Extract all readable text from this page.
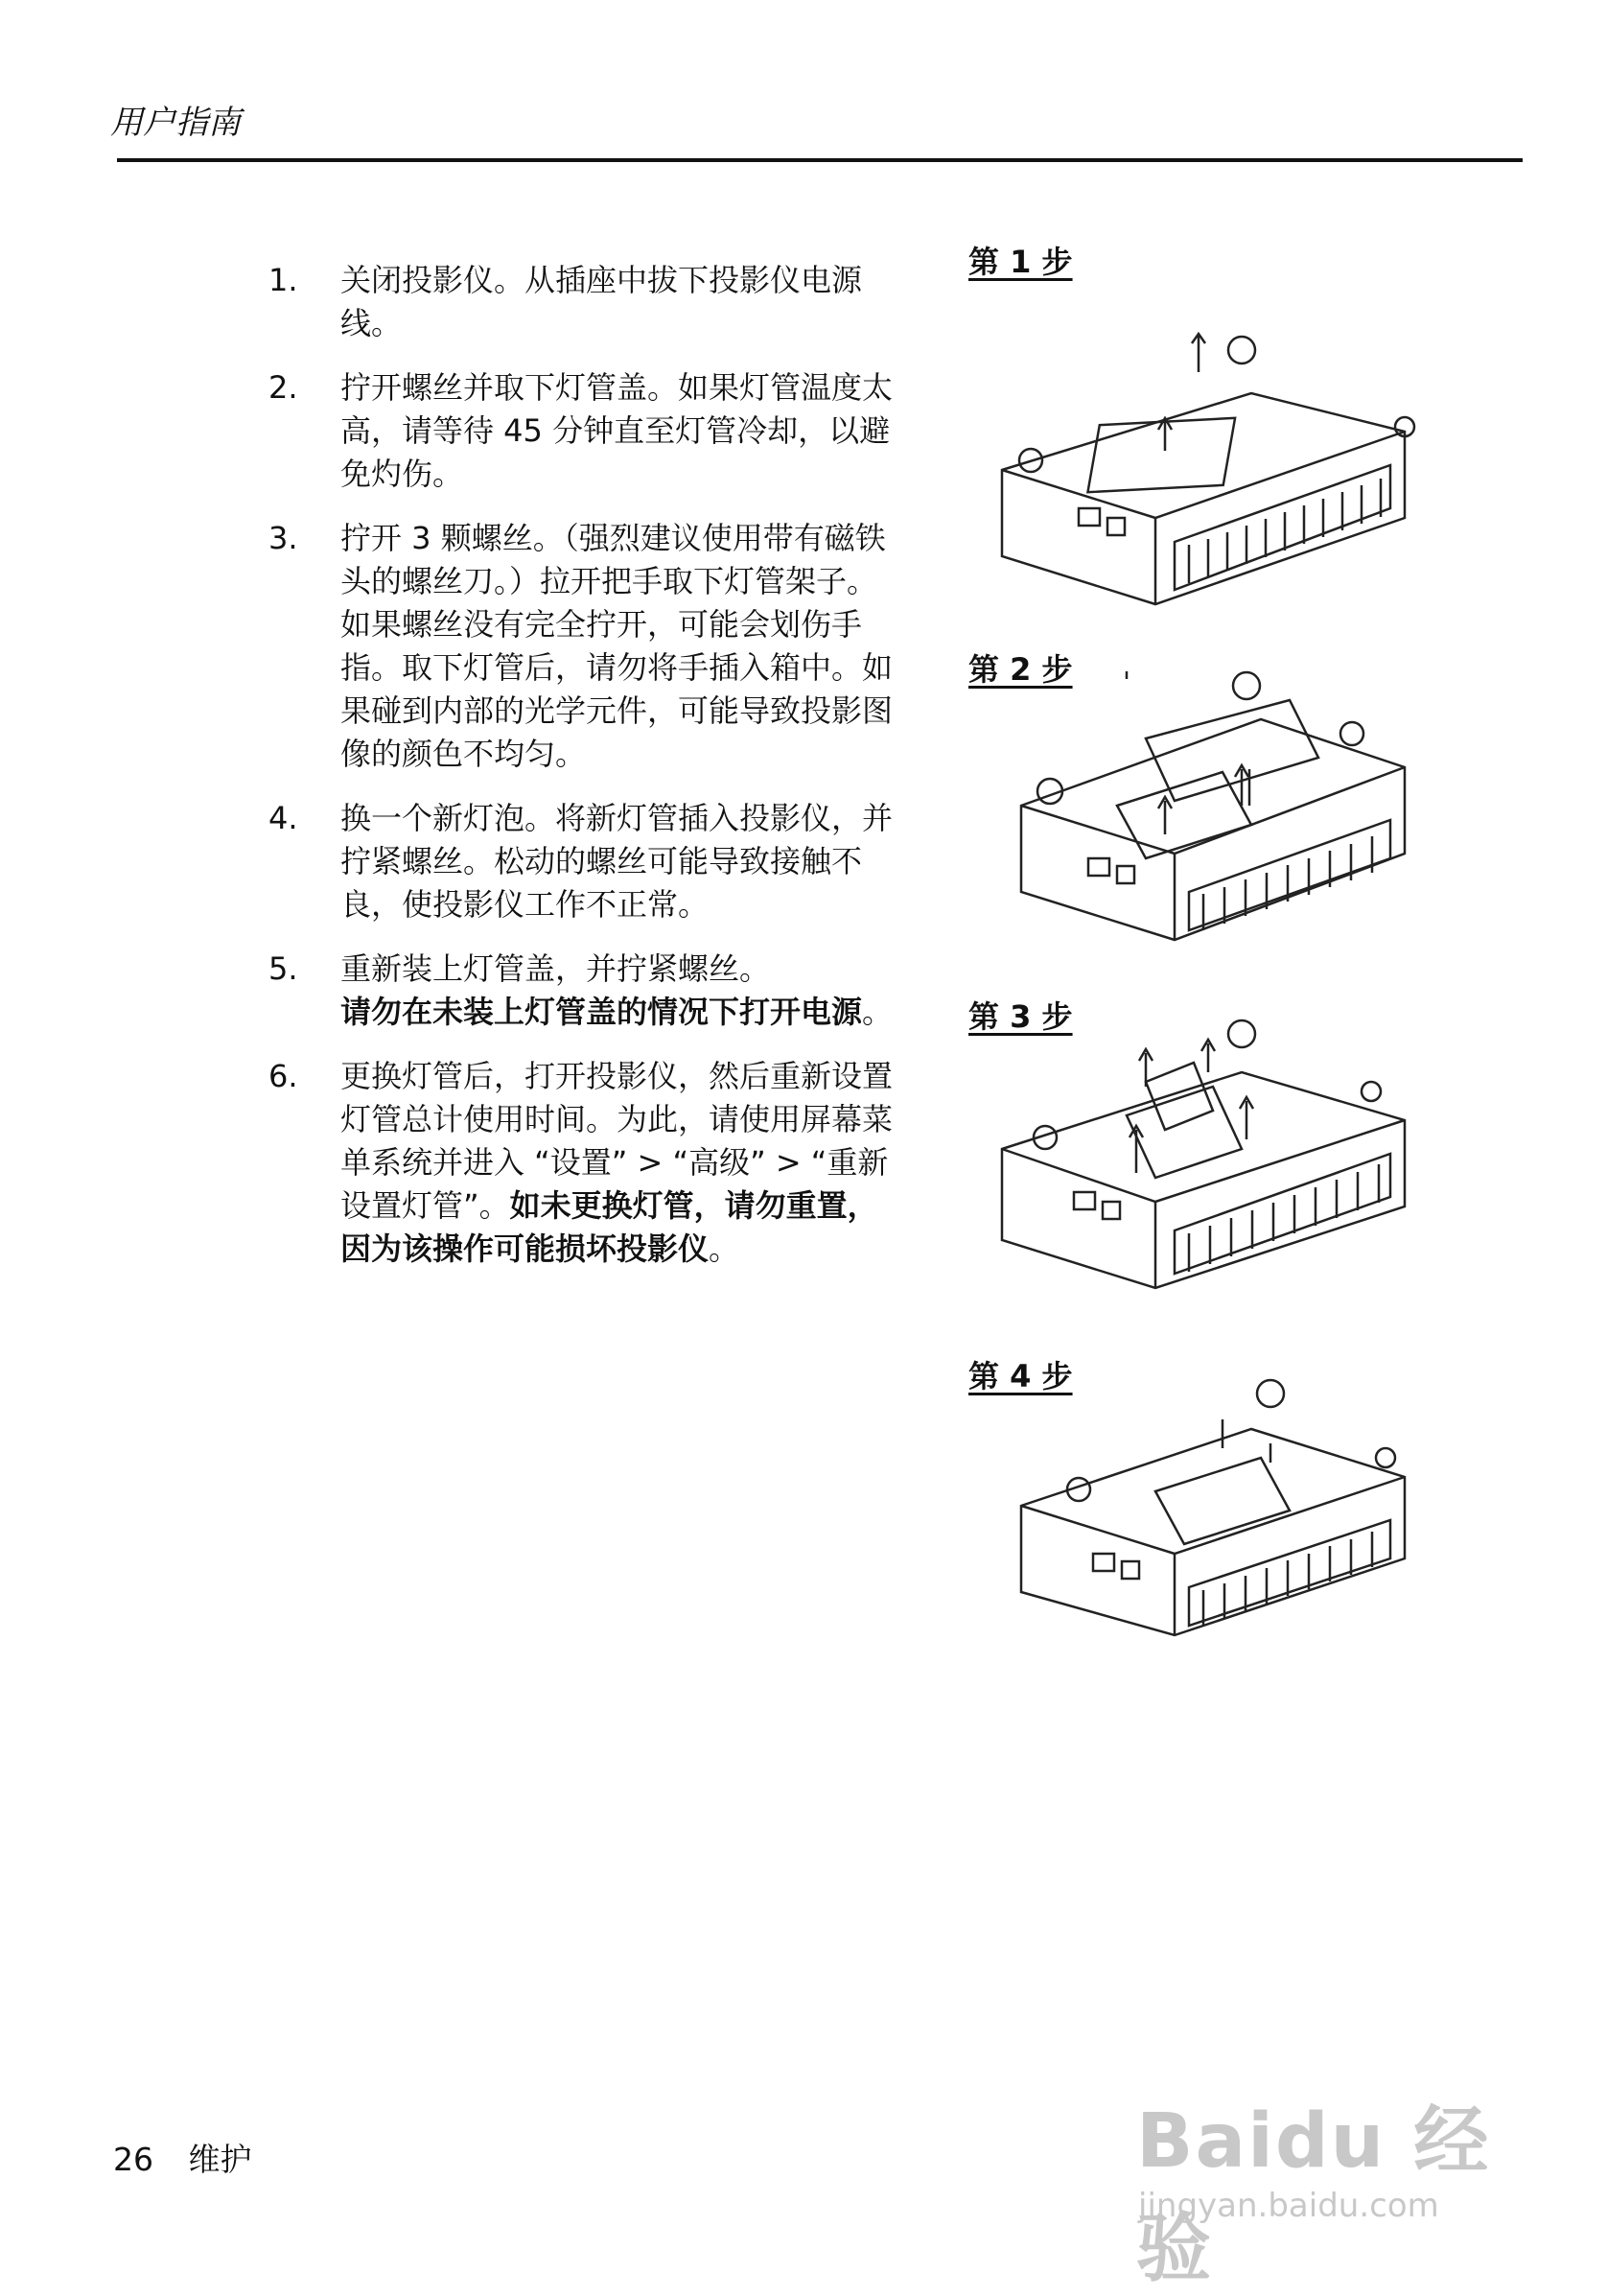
用户指南
1.	关闭投影仪。从插座中拔下投影仪电源线。
2.	拧开螺丝并取下灯管盖。如果灯管温度太高，请等待 45 分钟直至灯管冷却，以避免灼伤。
3.	拧开 3 颗螺丝。（强烈建议使用带有磁铁头的螺丝刀。）拉开把手取下灯管架子。如果螺丝没有完全拧开，可能会划伤手指。取下灯管后，请勿将手插入箱中。如果碰到内部的光学元件，可能导致投影图像的颜色不均匀。
4.	换一个新灯泡。将新灯管插入投影仪，并拧紧螺丝。松动的螺丝可能导致接触不良，使投影仪工作不正常。
5.	重新装上灯管盖，并拧紧螺丝。
请勿在未装上灯管盖的情况下打开电源。
6.	更换灯管后，打开投影仪，然后重新设置灯管总计使用时间。为此，请使用屏幕菜单系统并进入 “设置” > “高级” > “重新设置灯管”。如未更换灯管，请勿重置，因为该操作可能损坏投影仪。
第 1 步
第 2 步
第 3 步
第 4 步
26 维护	Baidu 经验
jingyan.baidu.com
